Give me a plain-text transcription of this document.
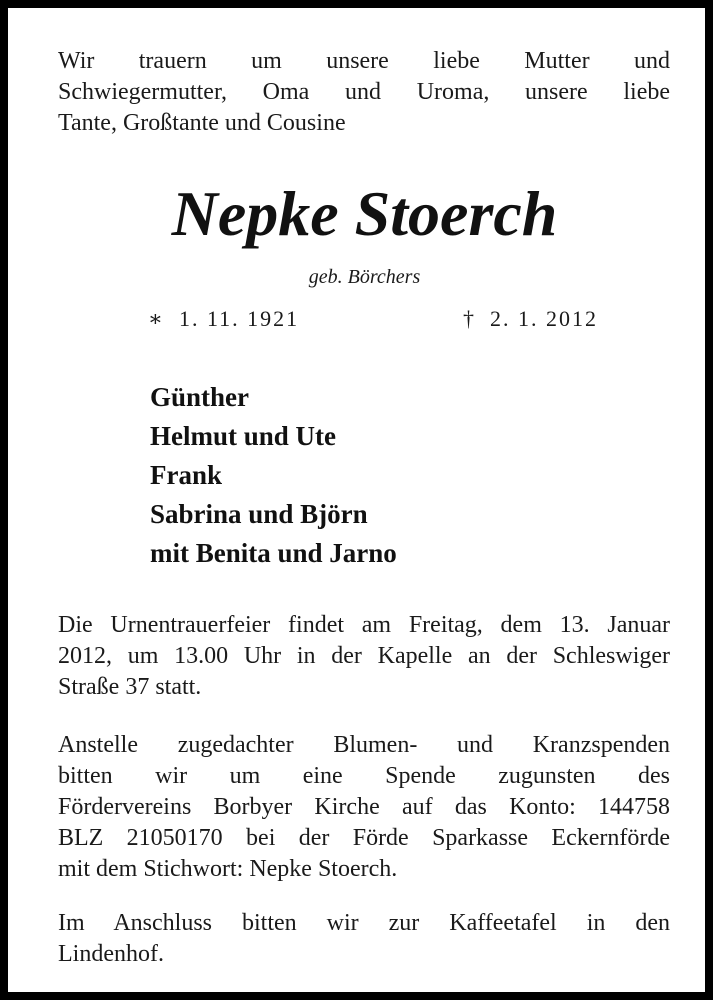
Wir trauern um unsere liebe Mutter und
Schwiegermutter, Oma und Uroma, unsere liebe
Tante, Großtante und Cousine
Nepke Stoerch
geb. Börchers
∗ 1. 11. 1921	† 2. 1. 2012
Günther
Helmut und Ute
Frank
Sabrina und Björn
mit Benita und Jarno
Die Urnentrauerfeier findet am Freitag, dem 13. Januar
2012, um 13.00 Uhr in der Kapelle an der Schleswiger
Straße 37 statt.
Anstelle zugedachter Blumen- und Kranzspenden
bitten wir um eine Spende zugunsten des
Fördervereins Borbyer Kirche auf das Konto: 144758
BLZ 21050170 bei der Förde Sparkasse Eckernförde
mit dem Stichwort: Nepke Stoerch.
Im Anschluss bitten wir zur Kaffeetafel in den
Lindenhof.
